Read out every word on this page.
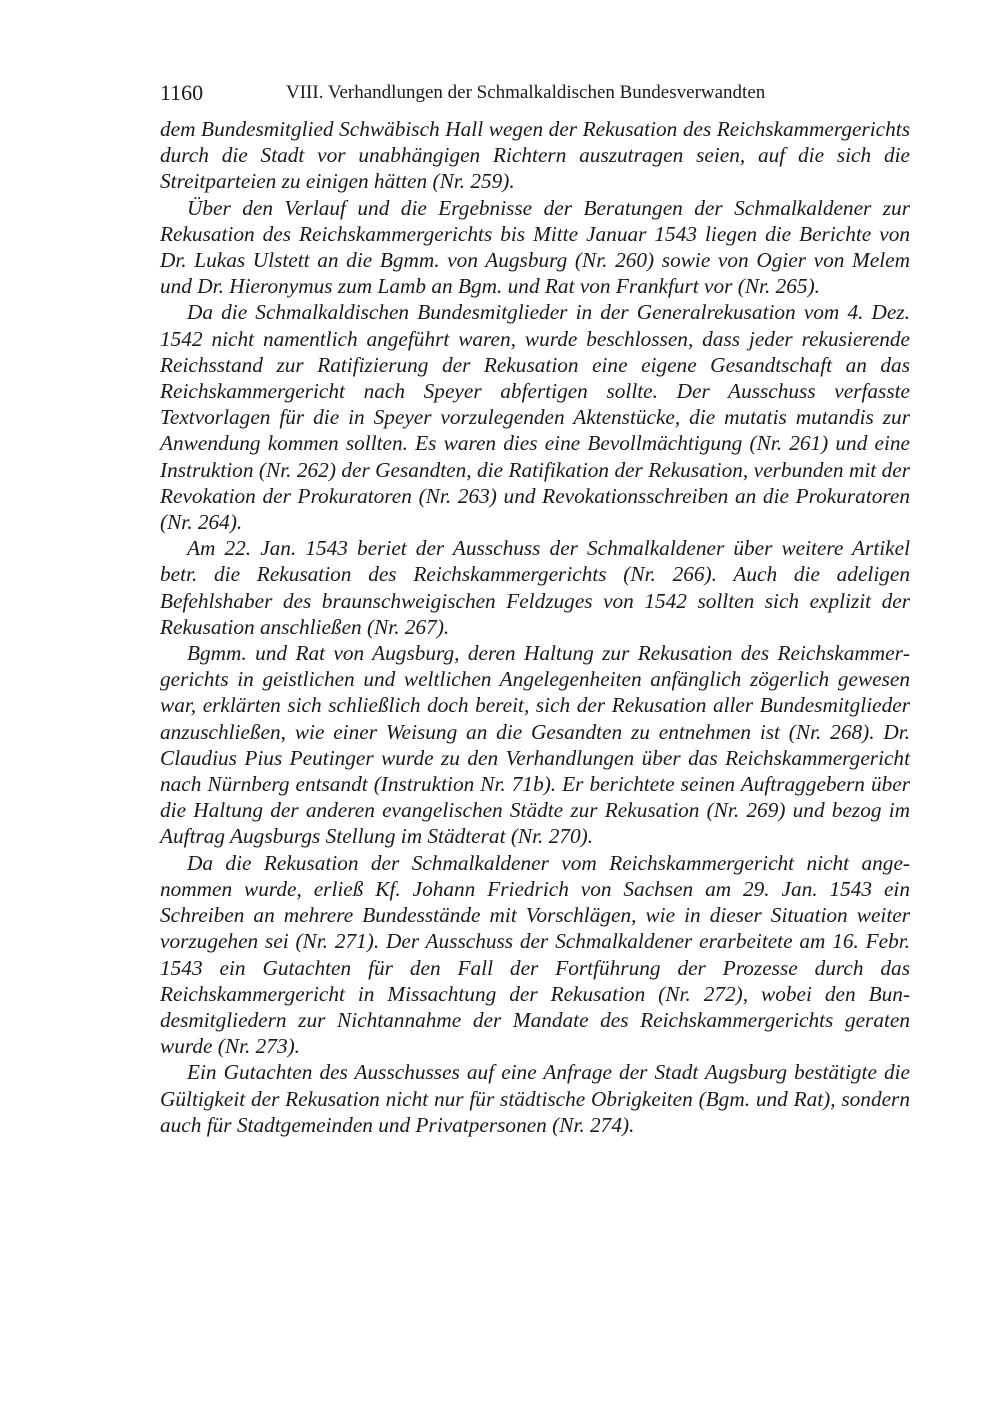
1160	VIII. Verhandlungen der Schmalkaldischen Bundesverwandten

dem Bundesmitglied Schwäbisch Hall wegen der Rekusation des Reichskammergerichts durch die Stadt vor unabhängigen Richtern auszutragen seien, auf die sich die Streitparteien zu einigen hätten (Nr. 259).

Über den Verlauf und die Ergebnisse der Beratungen der Schmalkaldener zur Rekusation des Reichskammergerichts bis Mitte Januar 1543 liegen die Berichte von Dr. Lukas Ulstett an die Bgmm. von Augsburg (Nr. 260) sowie von Ogier von Melem und Dr. Hieronymus zum Lamb an Bgm. und Rat von Frankfurt vor (Nr. 265).

Da die Schmalkaldischen Bundesmitglieder in der Generalrekusation vom 4. Dez. 1542 nicht namentlich angeführt waren, wurde beschlossen, dass jeder rekusierende Reichsstand zur Ratifizierung der Rekusation eine eigene Gesandtschaft an das Reichskammergericht nach Speyer abfertigen sollte. Der Ausschuss verfasste Textvorlagen für die in Speyer vorzulegenden Aktenstücke, die mutatis mutandis zur Anwendung kommen sollten. Es waren dies eine Bevollmächtigung (Nr. 261) und eine Instruktion (Nr. 262) der Gesandten, die Ratifikation der Rekusation, verbunden mit der Revokation der Prokuratoren (Nr. 263) und Revokationsschreiben an die Prokuratoren (Nr. 264).

Am 22. Jan. 1543 beriet der Ausschuss der Schmalkaldener über weitere Artikel betr. die Rekusation des Reichskammergerichts (Nr. 266). Auch die adeligen Befehlshaber des braunschweigischen Feldzuges von 1542 sollten sich explizit der Rekusation anschließen (Nr. 267).

Bgmm. und Rat von Augsburg, deren Haltung zur Rekusation des Reichskammergerichts in geistlichen und weltlichen Angelegenheiten anfänglich zögerlich gewesen war, erklärten sich schließlich doch bereit, sich der Rekusation aller Bundesmitglieder anzuschließen, wie einer Weisung an die Gesandten zu entnehmen ist (Nr. 268). Dr. Claudius Pius Peutinger wurde zu den Verhandlungen über das Reichskammergericht nach Nürnberg entsandt (Instruktion Nr. 71b). Er berichtete seinen Auftraggebern über die Haltung der anderen evangelischen Städte zur Rekusation (Nr. 269) und bezog im Auftrag Augsburgs Stellung im Städterat (Nr. 270).

Da die Rekusation der Schmalkaldener vom Reichskammergericht nicht angenommen wurde, erließ Kf. Johann Friedrich von Sachsen am 29. Jan. 1543 ein Schreiben an mehrere Bundesstände mit Vorschlägen, wie in dieser Situation weiter vorzugehen sei (Nr. 271). Der Ausschuss der Schmalkaldener erarbeitete am 16. Febr. 1543 ein Gutachten für den Fall der Fortführung der Prozesse durch das Reichskammergericht in Missachtung der Rekusation (Nr. 272), wobei den Bundesmitgliedern zur Nichtannahme der Mandate des Reichskammergerichts geraten wurde (Nr. 273).

Ein Gutachten des Ausschusses auf eine Anfrage der Stadt Augsburg bestätigte die Gültigkeit der Rekusation nicht nur für städtische Obrigkeiten (Bgm. und Rat), sondern auch für Stadtgemeinden und Privatpersonen (Nr. 274).
